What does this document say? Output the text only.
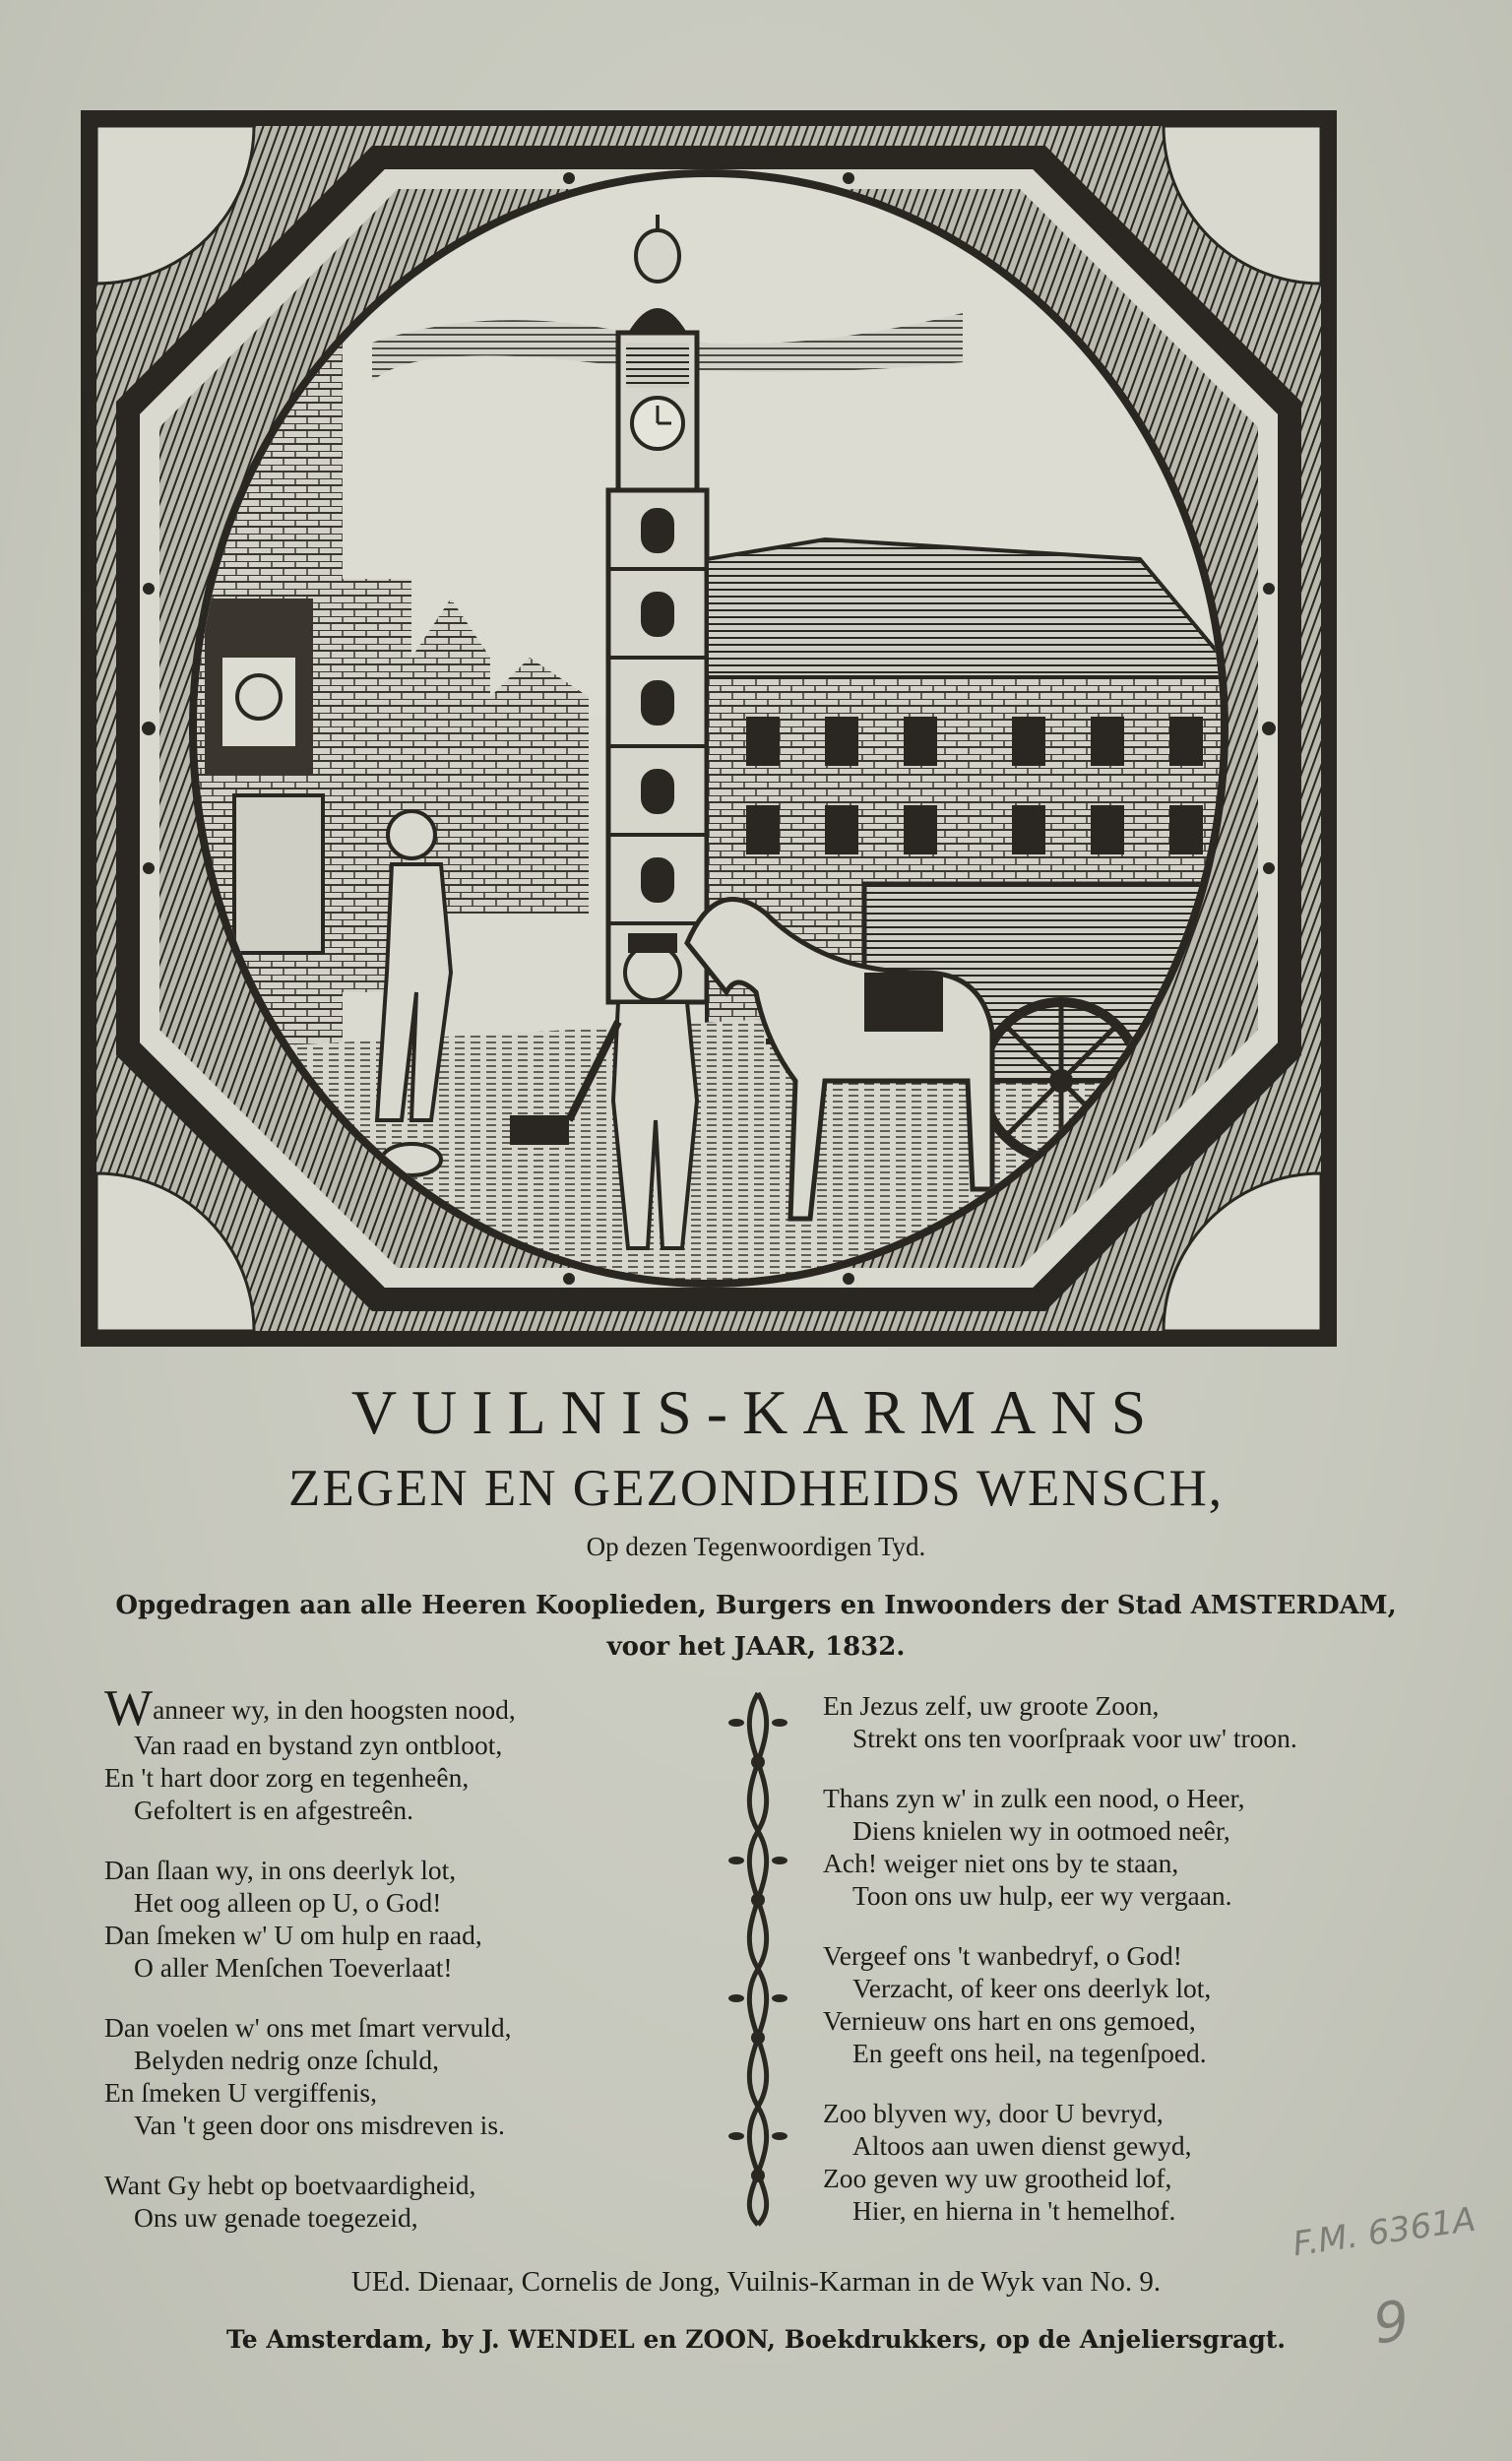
VUILNIS-KARMANS
ZEGEN EN GEZONDHEIDS WENSCH,
Op dezen Tegenwoordigen Tyd.
Opgedragen aan alle Heeren Kooplieden, Burgers en Inwoonders der Stad AMSTERDAM,
voor het JAAR, 1832.
Wanneer wy, in den hoogsten nood,
Van raad en bystand zyn ontbloot,
En 't hart door zorg en tegenheên,
Gefoltert is en afgestreên.
Dan ſlaan wy, in ons deerlyk lot,
Het oog alleen op U, o God!
Dan ſmeken w' U om hulp en raad,
O aller Menſchen Toeverlaat!
Dan voelen w' ons met ſmart vervuld,
Belyden nedrig onze ſchuld,
En ſmeken U vergiffenis,
Van 't geen door ons misdreven is.
Want Gy hebt op boetvaardigheid,
Ons uw genade toegezeid,
En Jezus zelf, uw groote Zoon,
Strekt ons ten voorſpraak voor uw' troon.
Thans zyn w' in zulk een nood, o Heer,
Diens knielen wy in ootmoed neêr,
Ach! weiger niet ons by te staan,
Toon ons uw hulp, eer wy vergaan.
Vergeef ons 't wanbedryf, o God!
Verzacht, of keer ons deerlyk lot,
Vernieuw ons hart en ons gemoed,
En geeft ons heil, na tegenſpoed.
Zoo blyven wy, door U bevryd,
Altoos aan uwen dienst gewyd,
Zoo geven wy uw grootheid lof,
Hier, en hierna in 't hemelhof.
UEd. Dienaar, Cornelis de Jong, Vuilnis-Karman in de Wyk van No. 9.
Te Amsterdam, by J. WENDEL en ZOON, Boekdrukkers, op de Anjeliersgragt.
F.M. 6361A
9
